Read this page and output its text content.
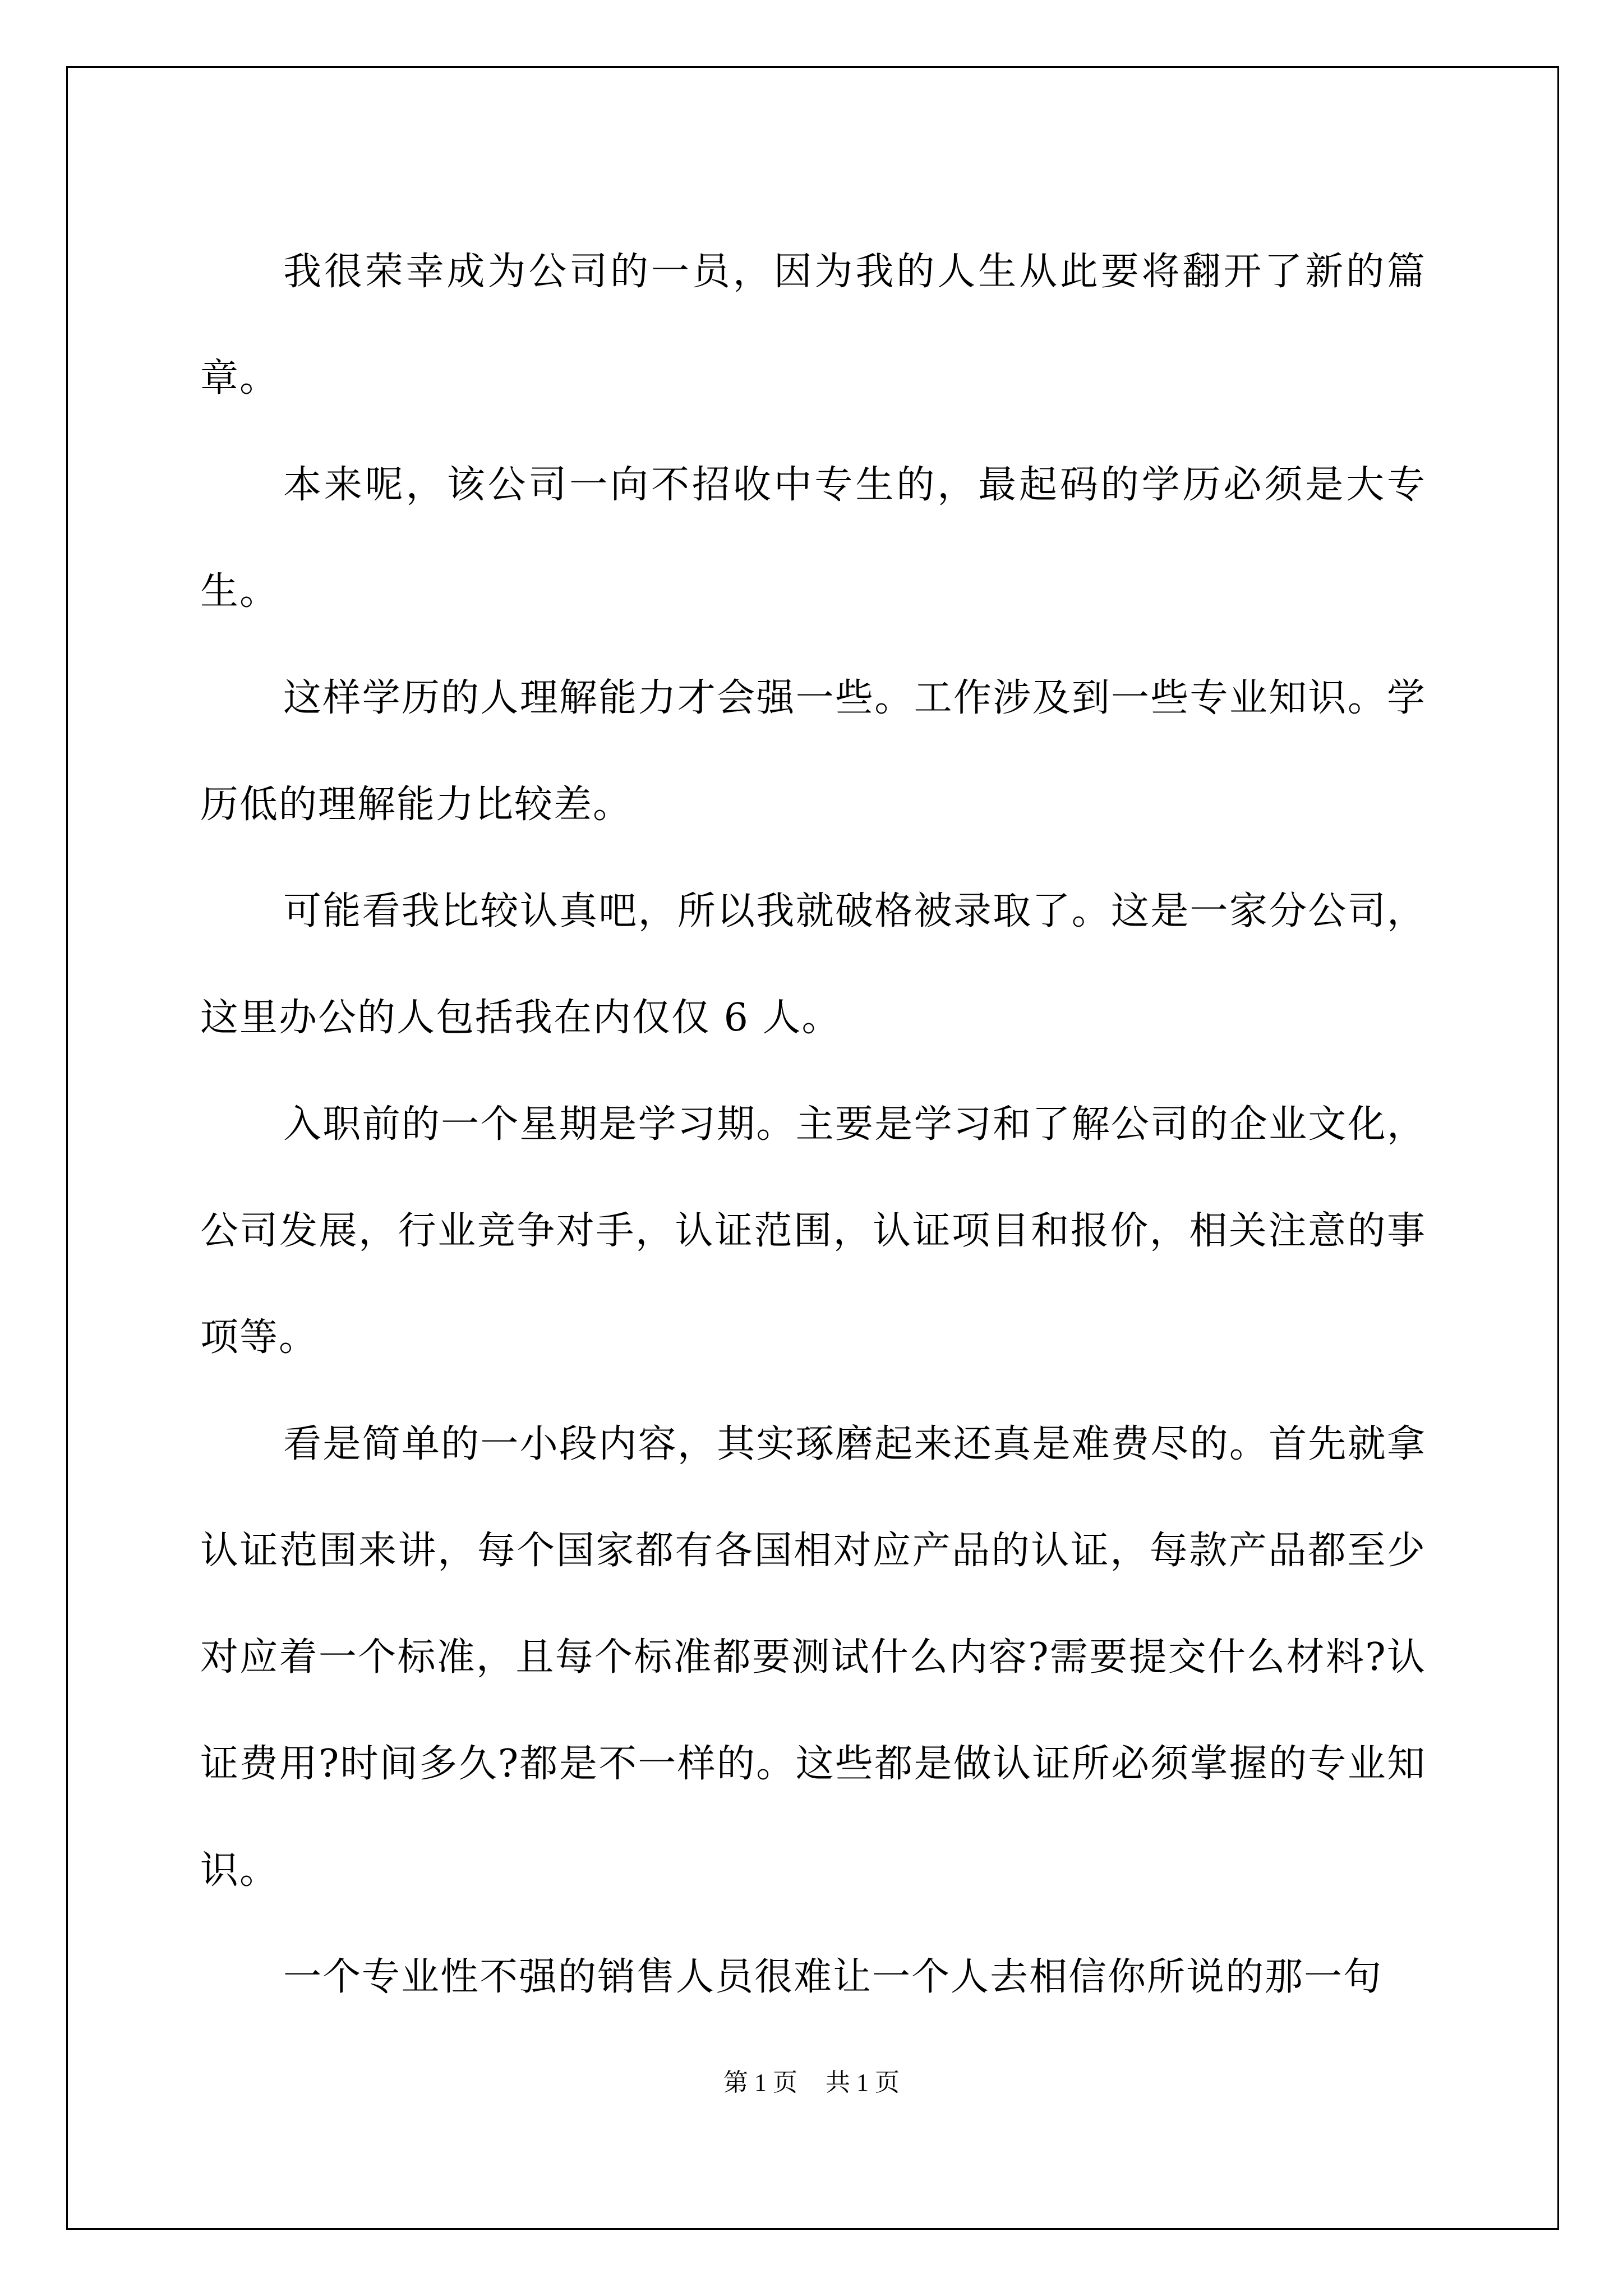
我很荣幸成为公司的一员，因为我的人生从此要将翻开了新的篇章。

本来呢，该公司一向不招收中专生的，最起码的学历必须是大专生。

这样学历的人理解能力才会强一些。工作涉及到一些专业知识。学历低的理解能力比较差。

可能看我比较认真吧，所以我就破格被录取了。这是一家分公司，这里办公的人包括我在内仅仅 6 人。

入职前的一个星期是学习期。主要是学习和了解公司的企业文化，公司发展，行业竞争对手，认证范围，认证项目和报价，相关注意的事项等。

看是简单的一小段内容，其实琢磨起来还真是难费尽的。首先就拿认证范围来讲，每个国家都有各国相对应产品的认证，每款产品都至少对应着一个标准，且每个标准都要测试什么内容?需要提交什么材料?认证费用?时间多久?都是不一样的。这些都是做认证所必须掌握的专业知识。

一个专业性不强的销售人员很难让一个人去相信你所说的那一句

第 1 页 共 1 页
